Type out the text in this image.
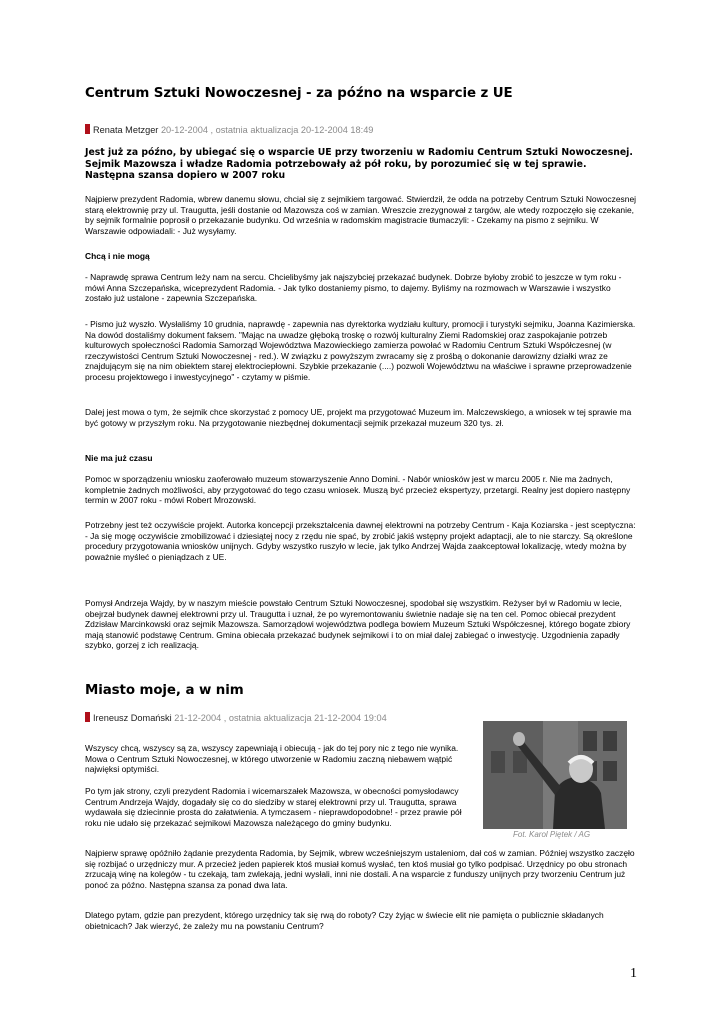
Centrum Sztuki Nowoczesnej - za późno na wsparcie z UE
Renata Metzger 20-12-2004 , ostatnia aktualizacja 20-12-2004 18:49

Jest już za późno, by ubiegać się o wsparcie UE przy tworzeniu w Radomiu Centrum Sztuki Nowoczesnej. Sejmik Mazowsza i władze Radomia potrzebowały aż pół roku, by porozumieć się w tej sprawie. Następna szansa dopiero w 2007 roku

Najpierw prezydent Radomia, wbrew danemu słowu, chciał się z sejmikiem targować. Stwierdził, że odda na potrzeby Centrum Sztuki Nowoczesnej starą elektrownię przy ul. Traugutta, jeśli dostanie od Mazowsza coś w zamian. Wreszcie zrezygnował z targów, ale wtedy rozpoczęło się czekanie, by sejmik formalnie poprosił o przekazanie budynku. Od września w radomskim magistracie tłumaczyli: - Czekamy na pismo z sejmiku. W Warszawie odpowiadali: - Już wysyłamy.

Chcą i nie mogą

- Naprawdę sprawa Centrum leży nam na sercu. Chcielibyśmy jak najszybciej przekazać budynek. Dobrze byłoby zrobić to jeszcze w tym roku - mówi Anna Szczepańska, wiceprezydent Radomia. - Jak tylko dostaniemy pismo, to dajemy. Byliśmy na rozmowach w Warszawie i wszystko zostało już ustalone - zapewnia Szczepańska.

- Pismo już wyszło. Wysłaliśmy 10 grudnia, naprawdę - zapewnia nas dyrektorka wydziału kultury, promocji i turystyki sejmiku, Joanna Kazimierska. Na dowód dostaliśmy dokument faksem. "Mając na uwadze głęboką troskę o rozwój kulturalny Ziemi Radomskiej oraz zaspokajanie potrzeb kulturowych społeczności Radomia Samorząd Województwa Mazowieckiego zamierza powołać w Radomiu Centrum Sztuki Współczesnej (w rzeczywistości Centrum Sztuki Nowoczesnej - red.). W związku z powyższym zwracamy się z prośbą o dokonanie darowizny działki wraz ze znajdującym się na nim obiektem starej elektrociepłowni. Szybkie przekazanie (....) pozwoli Województwu na właściwe i sprawne przeprowadzenie procesu projektowego i inwestycyjnego" - czytamy w piśmie.

Dalej jest mowa o tym, że sejmik chce skorzystać z pomocy UE, projekt ma przygotować Muzeum im. Malczewskiego, a wniosek w tej sprawie ma być gotowy w przyszłym roku. Na przygotowanie niezbędnej dokumentacji sejmik przekazał muzeum 320 tys. zł.

Nie ma już czasu

Pomoc w sporządzeniu wniosku zaoferowało muzeum stowarzyszenie Anno Domini. - Nabór wniosków jest w marcu 2005 r. Nie ma żadnych, kompletnie żadnych możliwości, aby przygotować do tego czasu wniosek. Muszą być przecież ekspertyzy, przetargi. Realny jest dopiero następny termin w 2007 roku - mówi Robert Mrozowski.

Potrzebny jest też oczywiście projekt. Autorka koncepcji przekształcenia dawnej elektrowni na potrzeby Centrum - Kaja Koziarska - jest sceptyczna: - Ja się mogę oczywiście zmobilizować i dziesiątej nocy z rzędu nie spać, by zrobić jakiś wstępny projekt adaptacji, ale to nie starczy. Są określone procedury przygotowania wniosków unijnych. Gdyby wszystko ruszyło w lecie, jak tylko Andrzej Wajda zaakceptował lokalizację, wtedy można by poważnie myśleć o pieniądzach z UE.

Pomysł Andrzeja Wajdy, by w naszym mieście powstało Centrum Sztuki Nowoczesnej, spodobał się wszystkim. Reżyser był w Radomiu w lecie, obejrzał budynek dawnej elektrowni przy ul. Traugutta i uznał, że po wyremontowaniu świetnie nadaje się na ten cel. Pomoc obiecał prezydent Zdzisław Marcinkowski oraz sejmik Mazowsza. Samorządowi województwa podlega bowiem Muzeum Sztuki Współczesnej, którego bogate zbiory mają stanowić podstawę Centrum. Gmina obiecała przekazać budynek sejmikowi i to on miał dalej zabiegać o inwestycję. Uzgodnienia zapadły szybko, gorzej z ich realizacją.

Miasto moje, a w nim
Ireneusz Domański 21-12-2004 , ostatnia aktualizacja 21-12-2004 19:04

Wszyscy chcą, wszyscy są za, wszyscy zapewniają i obiecują - jak do tej pory nic z tego nie wynika. Mowa o Centrum Sztuki Nowoczesnej, w którego utworzenie w Radomiu zaczną niebawem wątpić najwięksi optymiści.

Po tym jak strony, czyli prezydent Radomia i wicemarszałek Mazowsza, w obecności pomysłodawcy Centrum Andrzeja Wajdy, dogadały się co do siedziby w starej elektrowni przy ul. Traugutta, sprawa wydawała się dziecinnie prosta do załatwienia. A tymczasem - nieprawdopodobne! - przez prawie pół roku nie udało się przekazać sejmikowi Mazowsza należącego do gminy budynku.

Najpierw sprawę opóźniło żądanie prezydenta Radomia, by Sejmik, wbrew wcześniejszym ustaleniom, dał coś w zamian. Później wszystko zaczęło się rozbijać o urzędniczy mur. A przecież jeden papierek ktoś musiał komuś wysłać, ten ktoś musiał go tylko podpisać. Urzędnicy po obu stronach zrzucają winę na kolegów - tu czekają, tam zwlekają, jedni wysłali, inni nie dostali. A na wsparcie z funduszy unijnych przy tworzeniu Centrum już ponoć za późno. Następna szansa za ponad dwa lata.

Dlatego pytam, gdzie pan prezydent, którego urzędnicy tak się rwą do roboty? Czy żyjąc w świecie elit nie pamięta o publicznie składanych obietnicach? Jak wierzyć, że zależy mu na powstaniu Centrum?

Fot. Karol Piętek / AG
1
